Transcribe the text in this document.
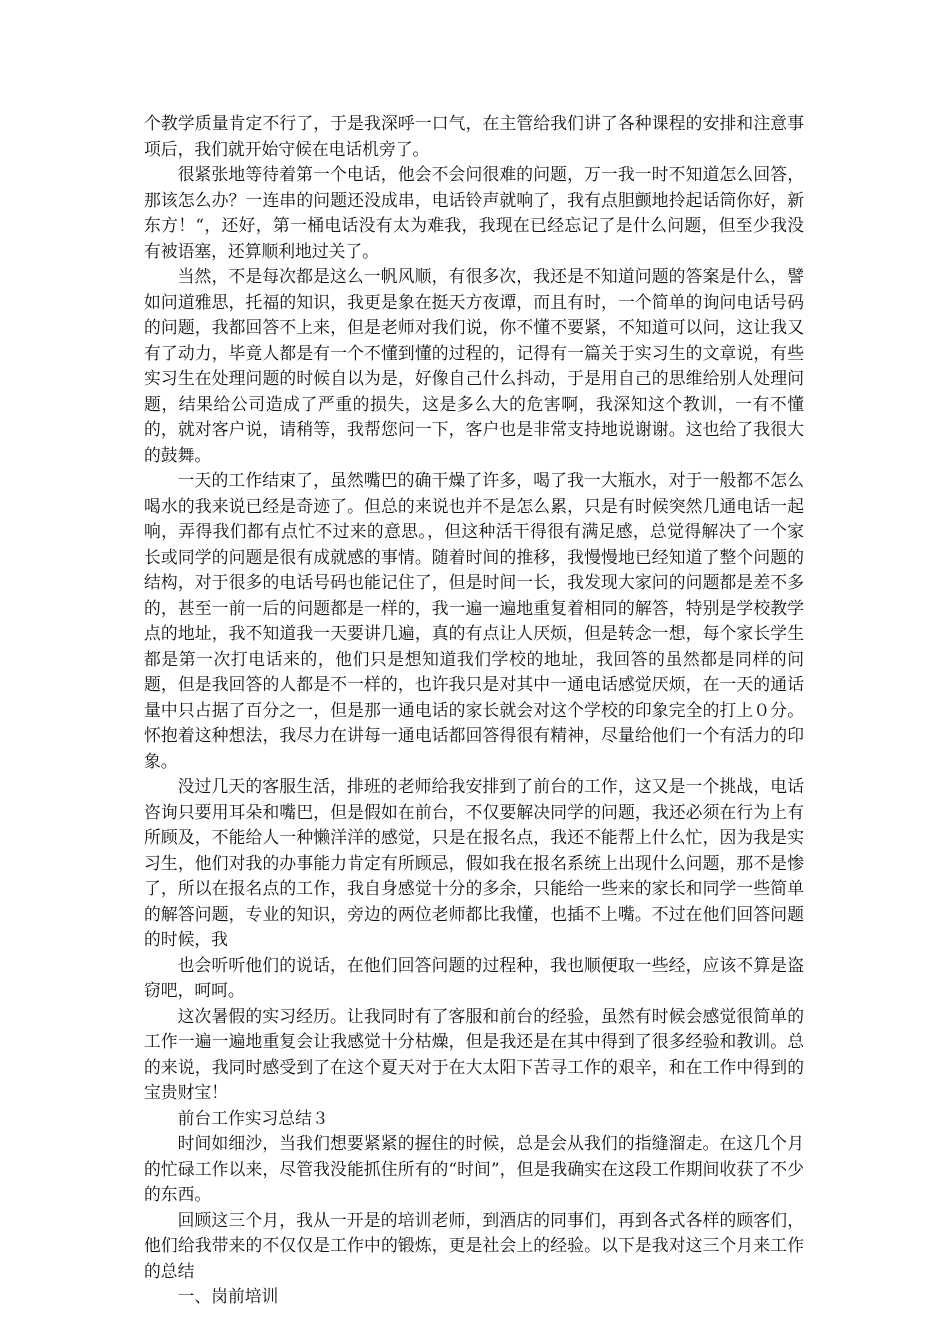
个教学质量肯定不行了，于是我深呼一口气，在主管给我们讲了各种课程的安排和注意事项后，我们就开始守候在电话机旁了。

很紧张地等待着第一个电话，他会不会问很难的问题，万一我一时不知道怎么回答，那该怎么办？一连串的问题还没成串，电话铃声就响了，我有点胆颤地拎起话筒你好，新东方！“，还好，第一桶电话没有太为难我，我现在已经忘记了是什么问题，但至少我没有被语塞，还算顺利地过关了。

当然，不是每次都是这么一帆风顺，有很多次，我还是不知道问题的答案是什么，譬如问道雅思，托福的知识，我更是象在挺天方夜谭，而且有时，一个简单的询问电话号码的问题，我都回答不上来，但是老师对我们说，你不懂不要紧，不知道可以问，这让我又有了动力，毕竟人都是有一个不懂到懂的过程的，记得有一篇关于实习生的文章说，有些实习生在处理问题的时候自以为是，好像自己什么抖动，于是用自己的思维给别人处理问题，结果给公司造成了严重的损失，这是多么大的危害啊，我深知这个教训，一有不懂的，就对客户说，请稍等，我帮您问一下，客户也是非常支持地说谢谢。这也给了我很大的鼓舞。

一天的工作结束了，虽然嘴巴的确干燥了许多，喝了我一大瓶水，对于一般都不怎么喝水的我来说已经是奇迹了。但总的来说也并不是怎么累，只是有时候突然几通电话一起响，弄得我们都有点忙不过来的意思。，但这种活干得很有满足感，总觉得解决了一个家长或同学的问题是很有成就感的事情。随着时间的推移，我慢慢地已经知道了整个问题的结构，对于很多的电话号码也能记住了，但是时间一长，我发现大家问的问题都是差不多的，甚至一前一后的问题都是一样的，我一遍一遍地重复着相同的解答，特别是学校教学点的地址，我不知道我一天要讲几遍，真的有点让人厌烦，但是转念一想，每个家长学生都是第一次打电话来的，他们只是想知道我们学校的地址，我回答的虽然都是同样的问题，但是我回答的人都是不一样的，也许我只是对其中一通电话感觉厌烦，在一天的通话量中只占据了百分之一，但是那一通电话的家长就会对这个学校的印象完全的打上０分。怀抱着这种想法，我尽力在讲每一通电话都回答得很有精神，尽量给他们一个有活力的印象。

没过几天的客服生活，排班的老师给我安排到了前台的工作，这又是一个挑战，电话咨询只要用耳朵和嘴巴，但是假如在前台，不仅要解决同学的问题，我还必须在行为上有所顾及，不能给人一种懒洋洋的感觉，只是在报名点，我还不能帮上什么忙，因为我是实习生，他们对我的办事能力肯定有所顾忌，假如我在报名系统上出现什么问题，那不是惨了，所以在报名点的工作，我自身感觉十分的多余，只能给一些来的家长和同学一些简单的解答问题，专业的知识，旁边的两位老师都比我懂，也插不上嘴。不过在他们回答问题的时候，我

也会听听他们的说话，在他们回答问题的过程种，我也顺便取一些经，应该不算是盗窃吧，呵呵。

这次暑假的实习经历。让我同时有了客服和前台的经验，虽然有时候会感觉很简单的工作一遍一遍地重复会让我感觉十分枯燥，但是我还是在其中得到了很多经验和教训。总的来说，我同时感受到了在这个夏天对于在大太阳下苦寻工作的艰辛，和在工作中得到的宝贵财宝！

前台工作实习总结３

时间如细沙，当我们想要紧紧的握住的时候，总是会从我们的指缝溜走。在这几个月的忙碌工作以来，尽管我没能抓住所有的“时间”，但是我确实在这段工作期间收获了不少的东西。

回顾这三个月，我从一开是的培训老师，到酒店的同事们，再到各式各样的顾客们，他们给我带来的不仅仅是工作中的锻炼，更是社会上的经验。以下是我对这三个月来工作的总结

一、岗前培训
